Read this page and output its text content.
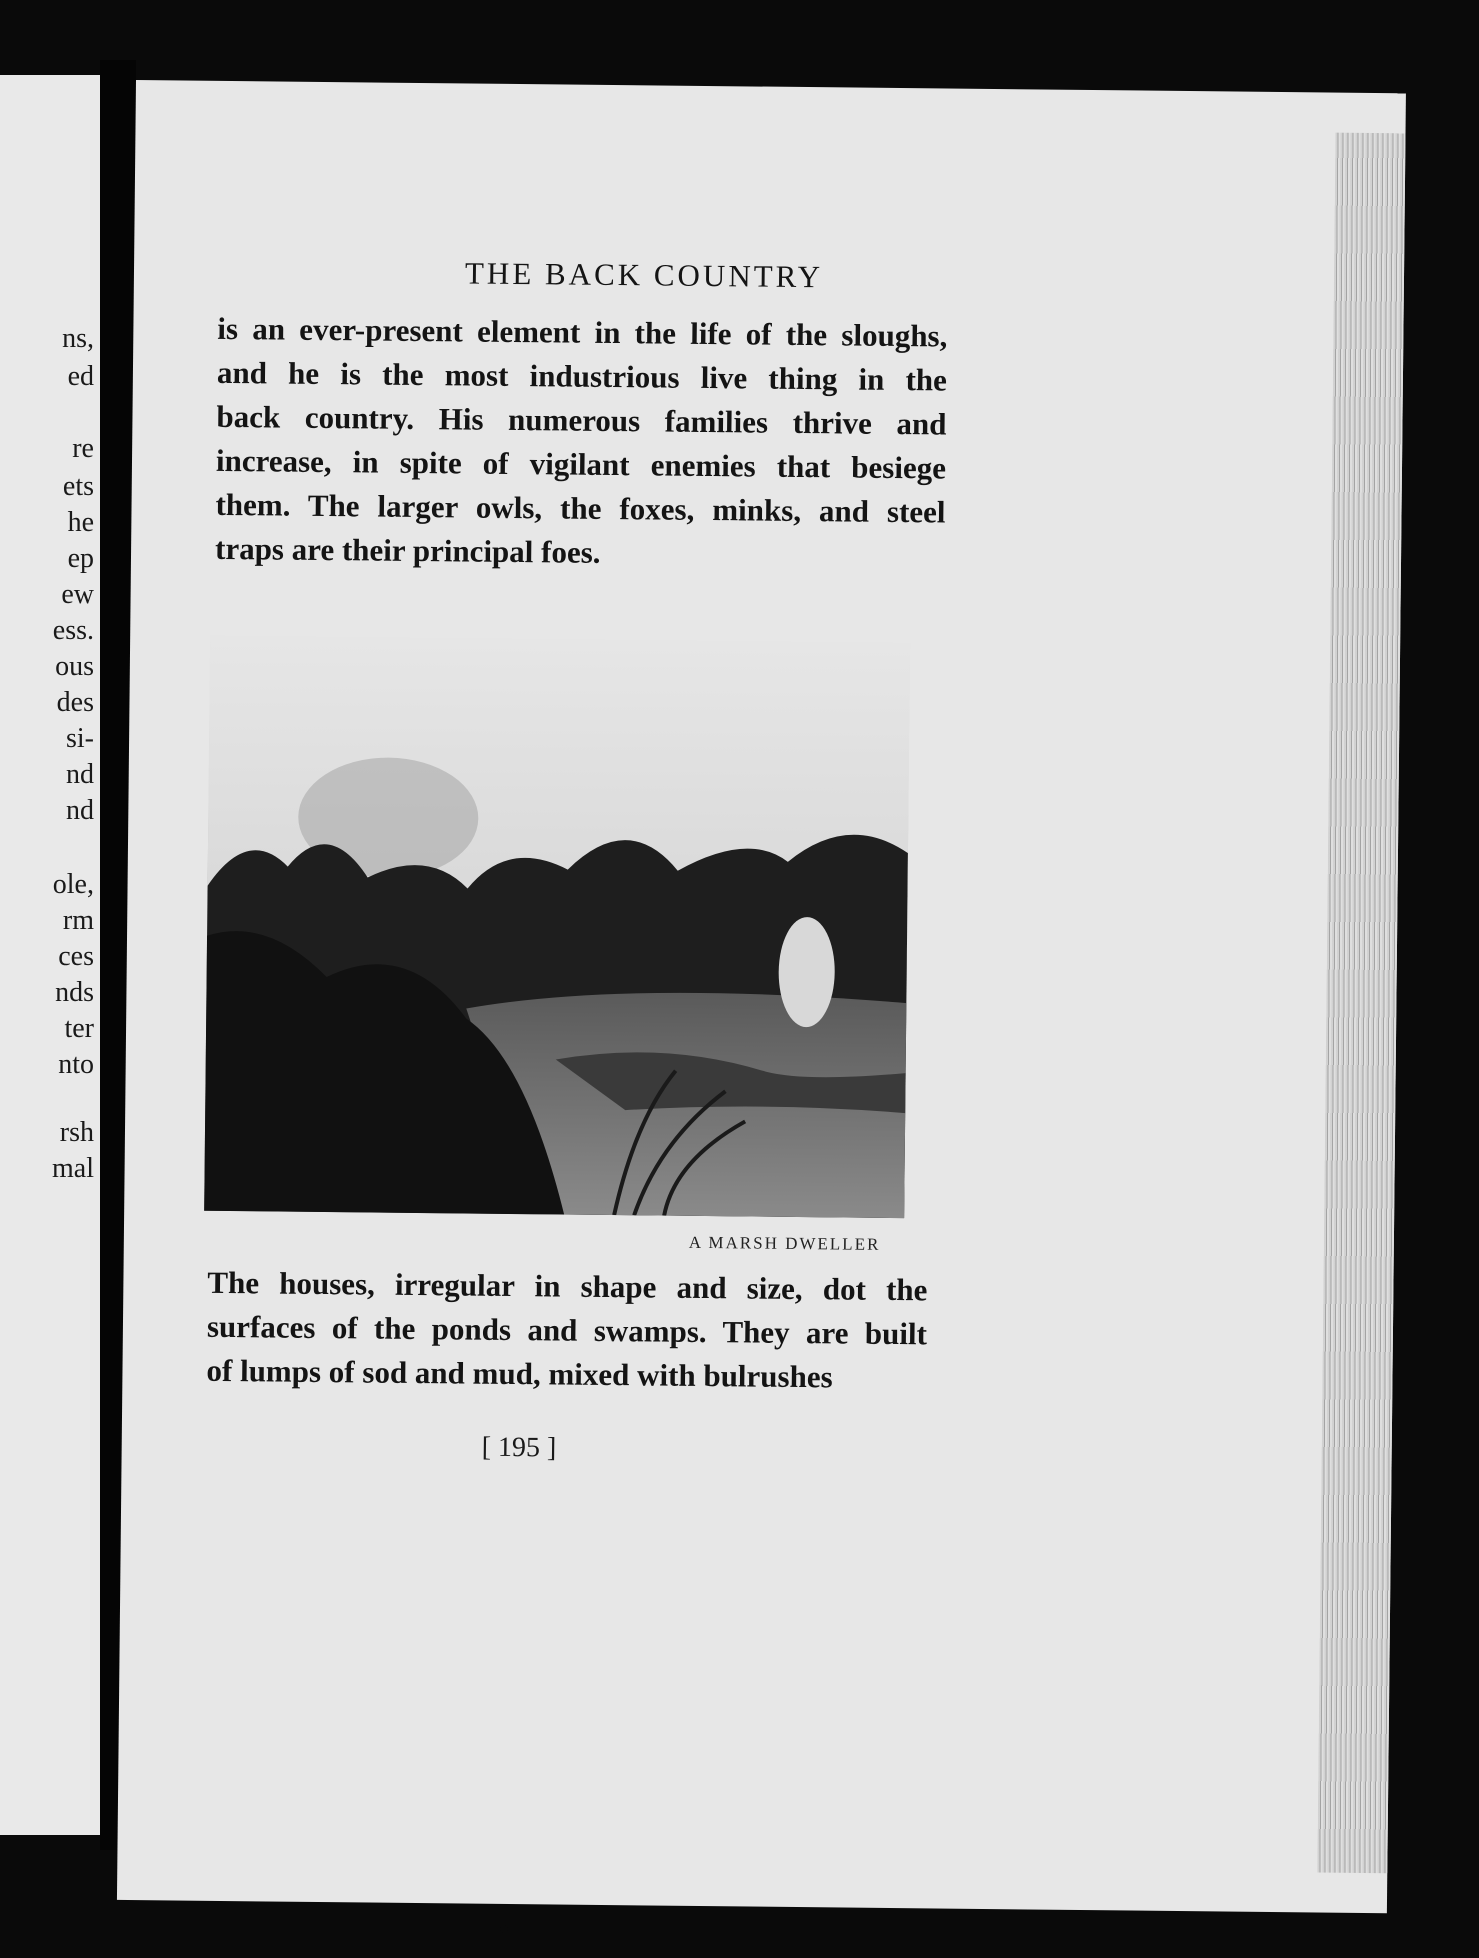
ns,
ed
re
ets
he
ep
ew
ess.
ous
des
si-
nd
nd
ole,
rm
ces
nds
ter
nto
rsh
mal
THE BACK COUNTRY

is an ever-present element in the life of the sloughs,
and he is the most industrious live thing in the
back country. His numerous families thrive and
increase, in spite of vigilant enemies that besiege
them. The larger owls, the foxes, minks, and steel
traps are their principal foes.

A MARSH DWELLER

The houses, irregular in shape and size, dot the
surfaces of the ponds and swamps. They are built
of lumps of sod and mud, mixed with bulrushes

[ 195 ]
